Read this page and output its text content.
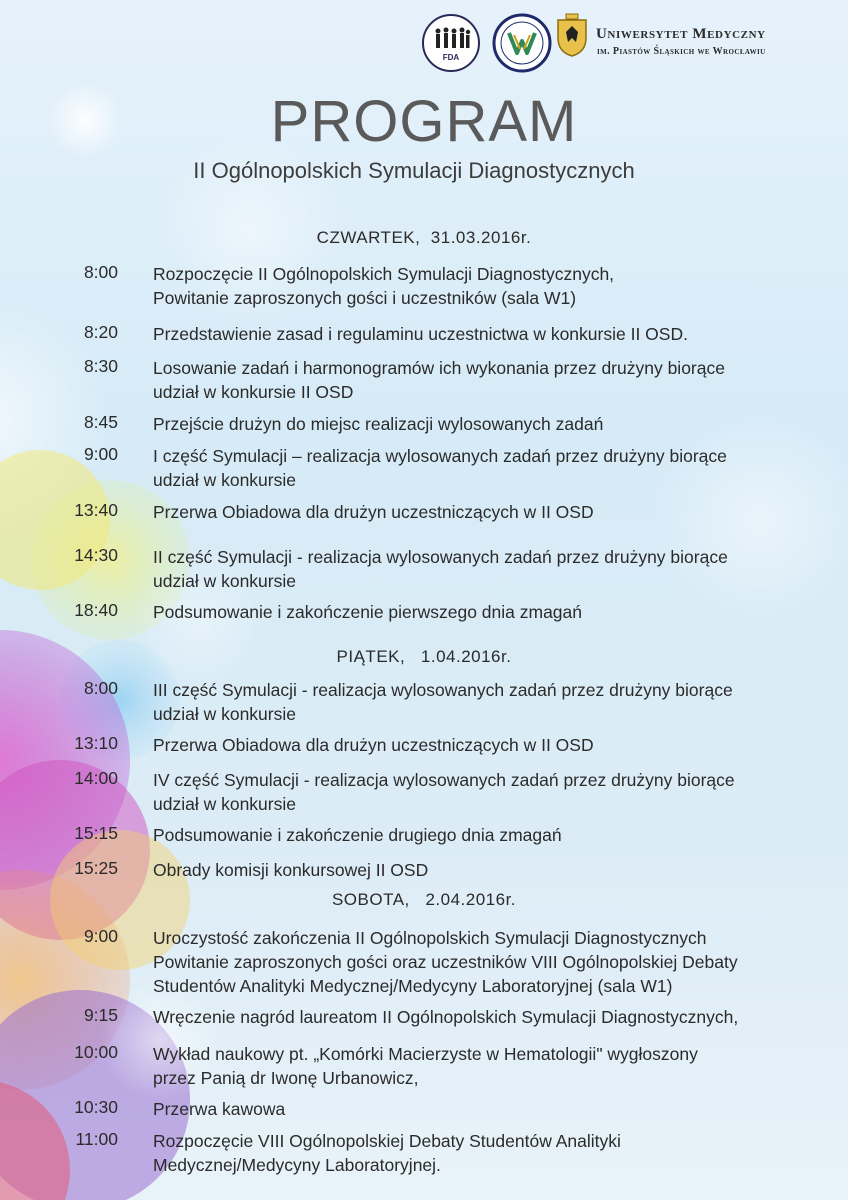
FDA
Uniwersytet Medyczny
im. Piastów Śląskich we Wrocławiu
PROGRAM
II Ogólnopolskich Symulacji Diagnostycznych
CZWARTEK,  31.03.2016r.
8:00 Rozpoczęcie II Ogólnopolskich Symulacji Diagnostycznych,
Powitanie zaproszonych gości i uczestników (sala W1)
8:20 Przedstawienie zasad i regulaminu uczestnictwa w konkursie II OSD.
8:30 Losowanie zadań i harmonogramów ich wykonania przez drużyny biorące
udział w konkursie II OSD
8:45 Przejście drużyn do miejsc realizacji wylosowanych zadań
9:00 I część Symulacji – realizacja wylosowanych zadań przez drużyny biorące
udział w konkursie
13:40 Przerwa Obiadowa dla drużyn uczestniczących w II OSD
14:30 II część Symulacji - realizacja wylosowanych zadań przez drużyny biorące
udział w konkursie
18:40 Podsumowanie i zakończenie pierwszego dnia zmagań
PIĄTEK,   1.04.2016r.
8:00 III część Symulacji - realizacja wylosowanych zadań przez drużyny biorące
udział w konkursie
13:10 Przerwa Obiadowa dla drużyn uczestniczących w II OSD
14:00 IV część Symulacji - realizacja wylosowanych zadań przez drużyny biorące
udział w konkursie
15:15 Podsumowanie i zakończenie drugiego dnia zmagań
15:25 Obrady komisji konkursowej II OSD
SOBOTA,   2.04.2016r.
9:00 Uroczystość zakończenia II Ogólnopolskich Symulacji Diagnostycznych
Powitanie zaproszonych gości oraz uczestników VIII Ogólnopolskiej Debaty
Studentów Analityki Medycznej/Medycyny Laboratoryjnej (sala W1)
9:15 Wręczenie nagród laureatom II Ogólnopolskich Symulacji Diagnostycznych,
10:00 Wykład naukowy pt. „Komórki Macierzyste w Hematologii" wygłoszony
przez Panią dr Iwonę Urbanowicz,
10:30 Przerwa kawowa
11:00 Rozpoczęcie VIII Ogólnopolskiej Debaty Studentów Analityki
Medycznej/Medycyny Laboratoryjnej.
